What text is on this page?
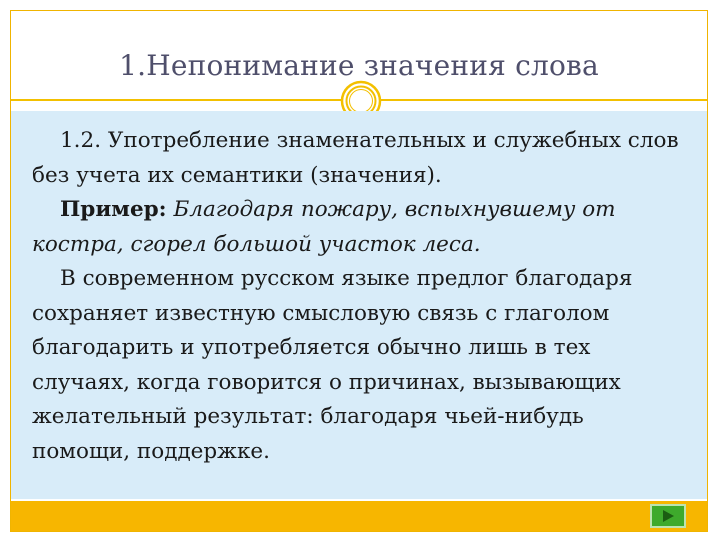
1.Непонимание значения слова

1.2. Употребление знаменательных и служебных слов без учета их семантики (значения).

Пример: Благодаря пожару, вспыхнувшему от костра, сгорел большой участок леса.

В современном русском языке предлог благодаря сохраняет известную смысловую связь с глаголом благодарить и употребляется обычно лишь в тех случаях, когда говорится о причинах, вызывающих желательный результат: благодаря чьей-нибудь помощи, поддержке.
